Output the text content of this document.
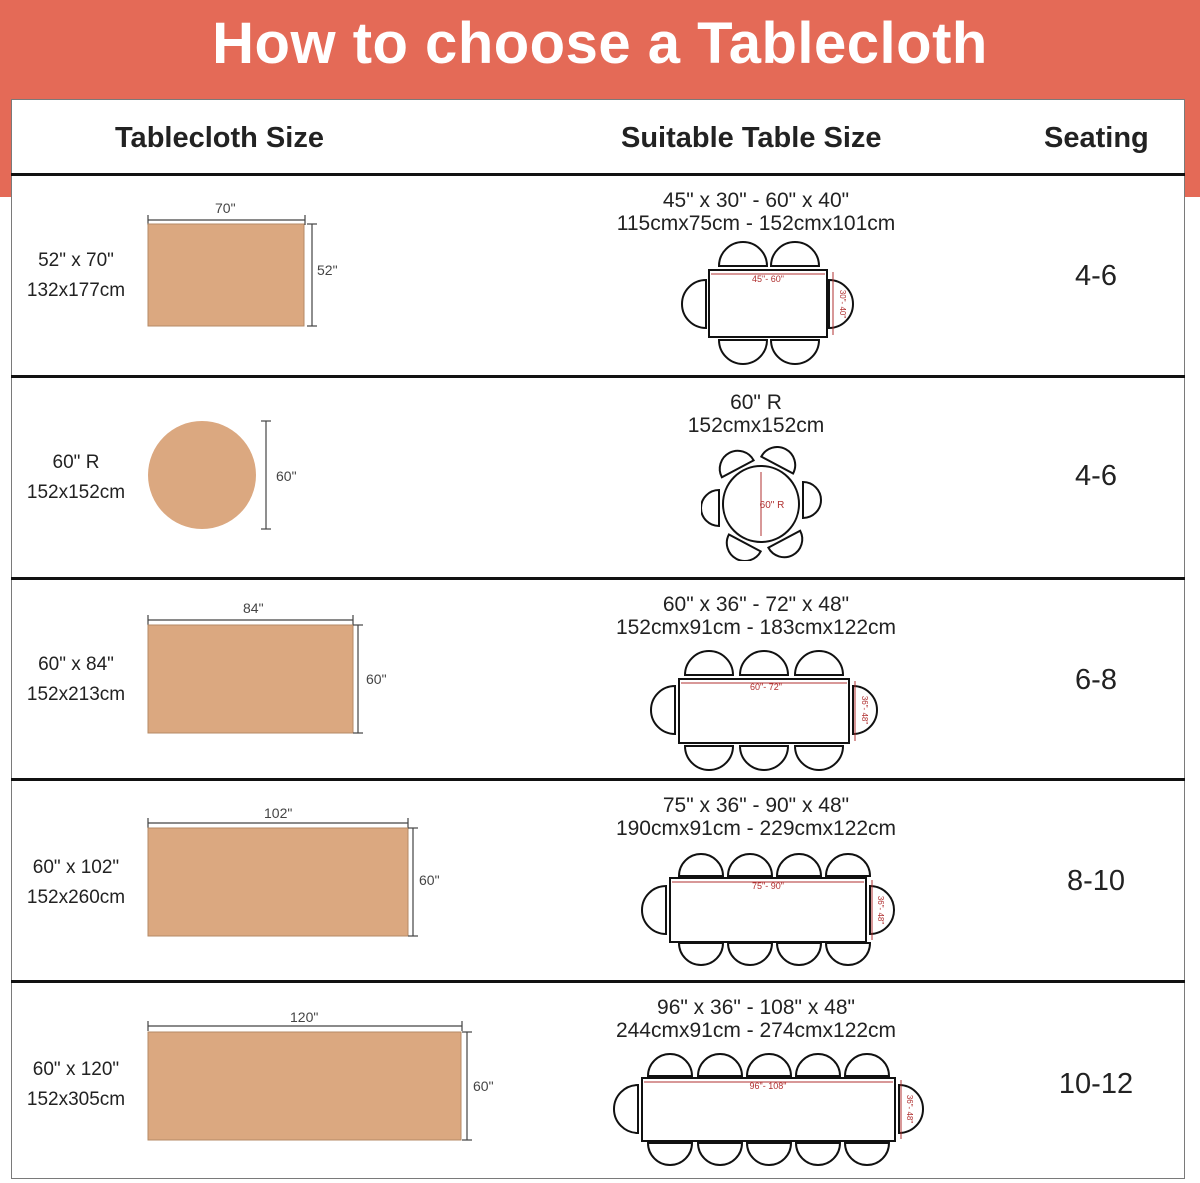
How to choose a Tablecloth
Tablecloth Size	Suitable Table Size	Seating
52" x 70"
132x177cm
70"
52"
45" x 30" - 60" x 40"
115cmx75cm - 152cmx101cm
45"- 60"
30"- 40"
4-6
60" R
152x152cm
60"
60" R
152cmx152cm
60" R
4-6
60" x 84"
152x213cm
84"
60"
60" x 36" - 72" x 48"
152cmx91cm - 183cmx122cm
60"- 72"
36"- 48"
6-8
60" x 102"
152x260cm
102"
60"
75" x 36" - 90" x 48"
190cmx91cm - 229cmx122cm
75"- 90"
36"- 48"
8-10
60" x 120"
152x305cm
120"
60"
96" x 36" - 108" x 48"
244cmx91cm - 274cmx122cm
96"- 108"
36"- 48"
10-12
